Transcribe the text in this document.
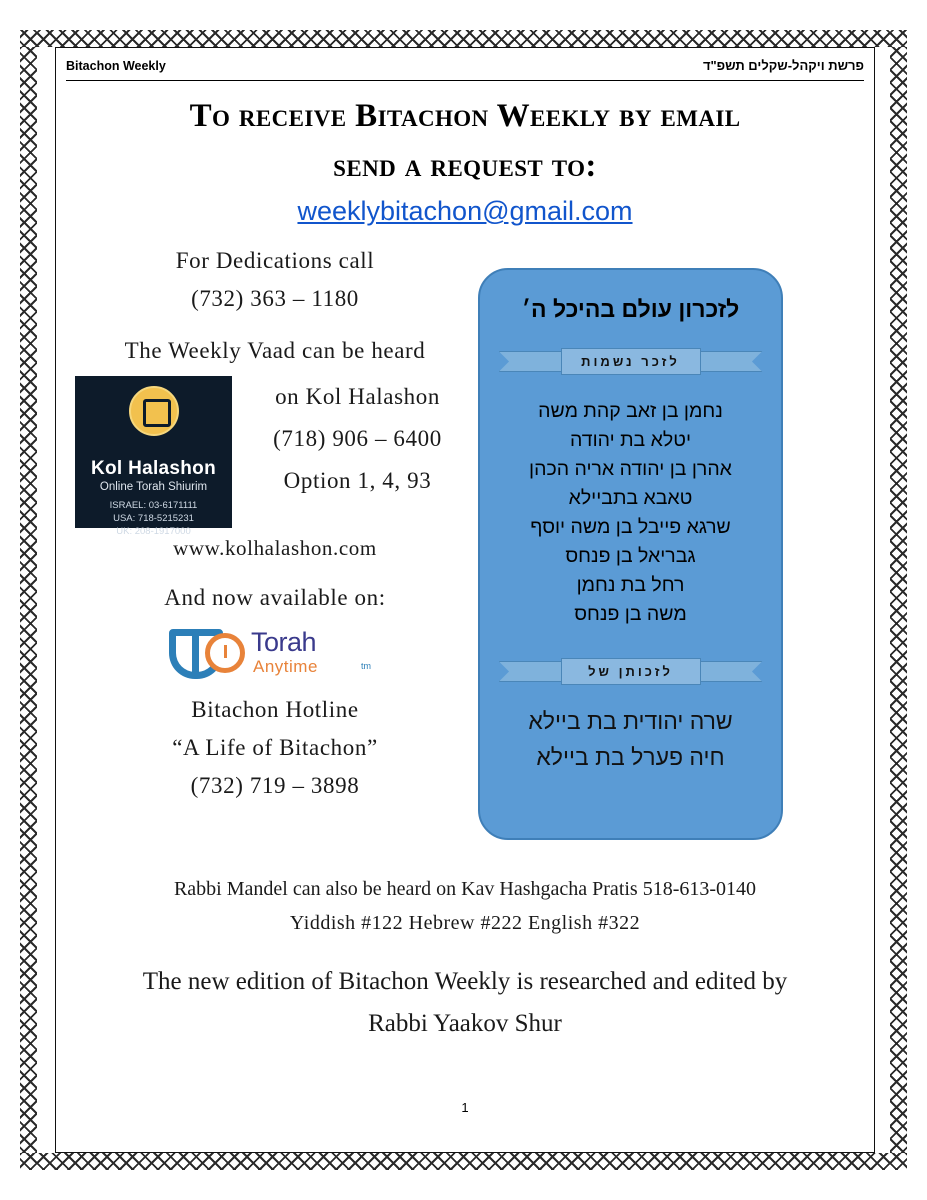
Bitachon Weekly	פרשת ויקהל-שקלים תשפ"ד
To receive Bitachon Weekly by email
send a request to:
weeklybitachon@gmail.com
For Dedications call
(732) 363 – 1180
The Weekly Vaad can be heard
Kol Halashon
Online Torah Shiurim
ISRAEL: 03-6171111
USA: 718-5215231
UK: 208-1917000
on Kol Halashon
(718) 906 – 6400
Option 1, 4, 93
www.kolhalashon.com
And now available on:
Torah
Anytime	tm
Bitachon Hotline
“A Life of Bitachon”
(732) 719 – 3898
לזכרון עולם בהיכל ה׳
לזכר נשמות
נחמן בן זאב קהת משה
יטלא בת יהודה
אהרן בן יהודה אריה הכהן
טאבא בתביילא
שרגא פייבל בן משה יוסף
גבריאל בן פנחס
רחל בת נחמן
משה בן פנחס
לזכותן של
שרה יהודית בת ביילא
חיה פערל בת ביילא
Rabbi Mandel can also be heard on Kav Hashgacha Pratis 518-613-0140
Yiddish #122 Hebrew #222 English #322
The new edition of Bitachon Weekly is researched and edited by
Rabbi Yaakov Shur
1
